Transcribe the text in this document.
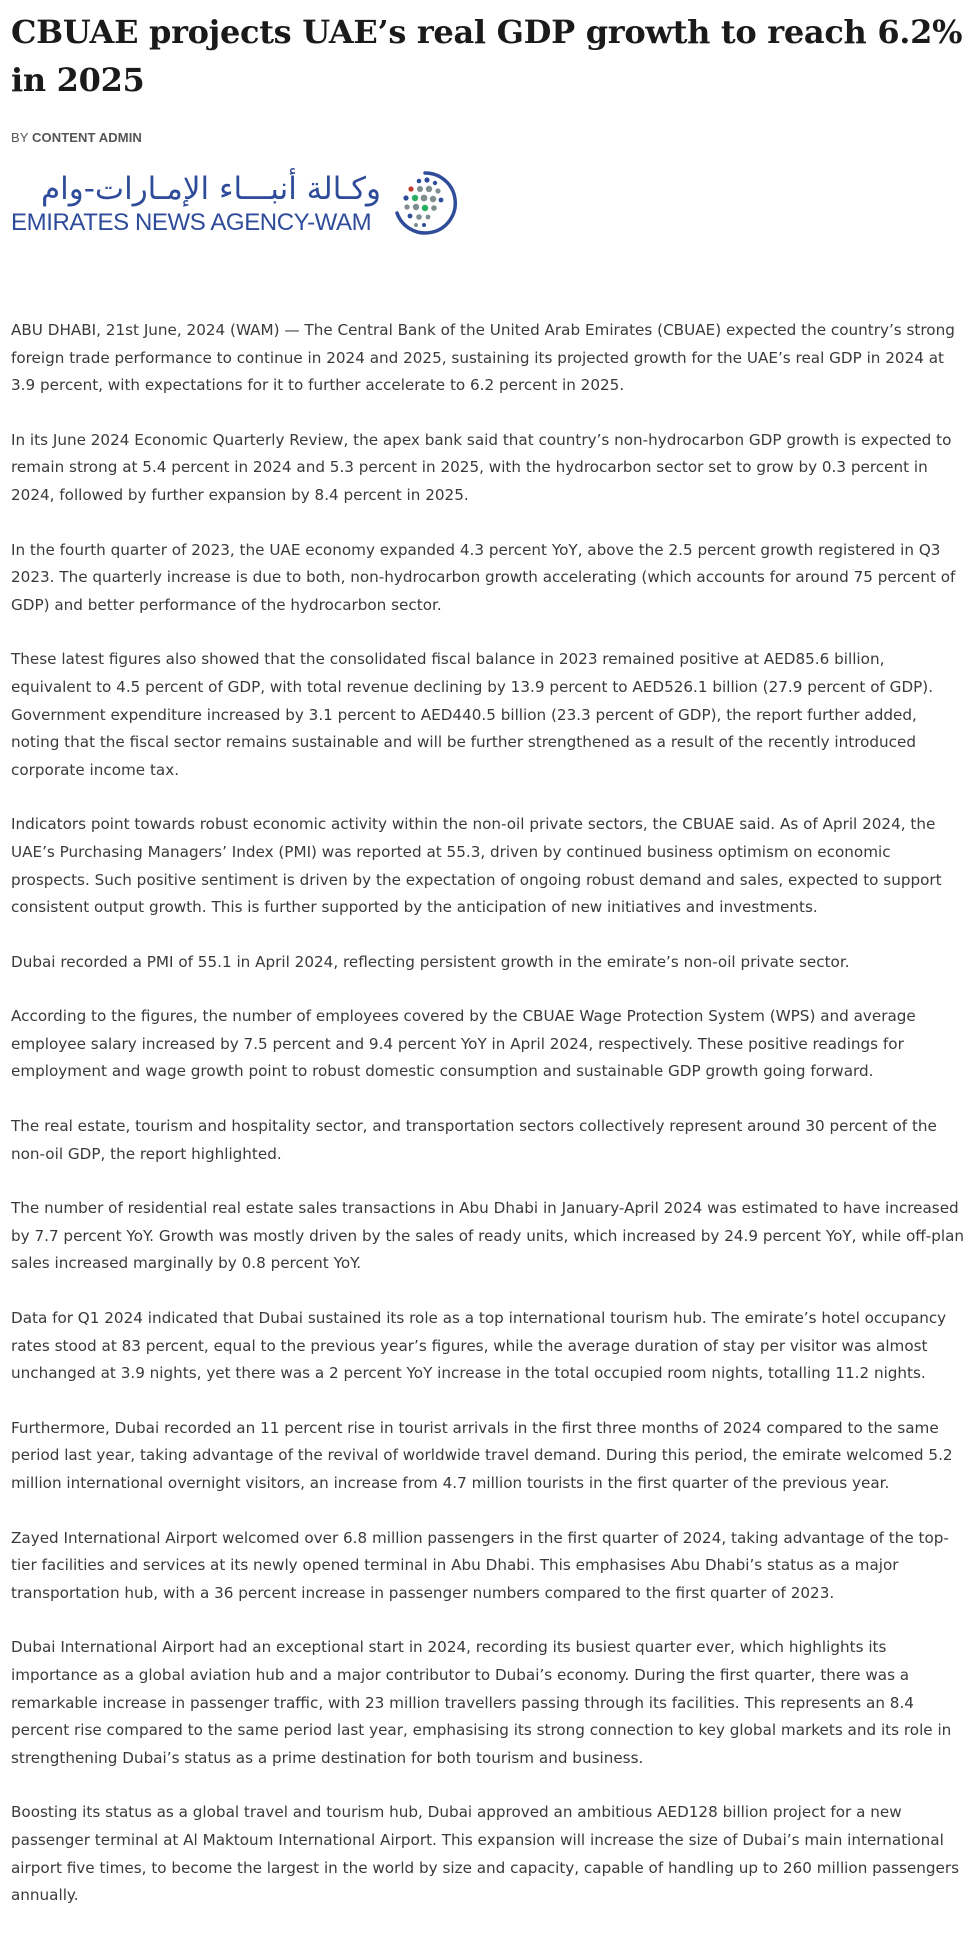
CBUAE projects UAE’s real GDP growth to reach 6.2% in 2025
BY CONTENT ADMIN
وكـالة أنبـــاء الإمـارات-وام
EMIRATES NEWS AGENCY-WAM

ABU DHABI, 21st June, 2024 (WAM) — The Central Bank of the United Arab Emirates (CBUAE) expected the country’s strong foreign trade performance to continue in 2024 and 2025, sustaining its projected growth for the UAE’s real GDP in 2024 at 3.9 percent, with expectations for it to further accelerate to 6.2 percent in 2025.

In its June 2024 Economic Quarterly Review, the apex bank said that country’s non-hydrocarbon GDP growth is expected to remain strong at 5.4 percent in 2024 and 5.3 percent in 2025, with the hydrocarbon sector set to grow by 0.3 percent in 2024, followed by further expansion by 8.4 percent in 2025.

In the fourth quarter of 2023, the UAE economy expanded 4.3 percent YoY, above the 2.5 percent growth registered in Q3 2023. The quarterly increase is due to both, non-hydrocarbon growth accelerating (which accounts for around 75 percent of GDP) and better performance of the hydrocarbon sector.

These latest figures also showed that the consolidated fiscal balance in 2023 remained positive at AED85.6 billion, equivalent to 4.5 percent of GDP, with total revenue declining by 13.9 percent to AED526.1 billion (27.9 percent of GDP). Government expenditure increased by 3.1 percent to AED440.5 billion (23.3 percent of GDP), the report further added, noting that the fiscal sector remains sustainable and will be further strengthened as a result of the recently introduced corporate income tax.

Indicators point towards robust economic activity within the non-oil private sectors, the CBUAE said. As of April 2024, the UAE’s Purchasing Managers’ Index (PMI) was reported at 55.3, driven by continued business optimism on economic prospects. Such positive sentiment is driven by the expectation of ongoing robust demand and sales, expected to support consistent output growth. This is further supported by the anticipation of new initiatives and investments.

Dubai recorded a PMI of 55.1 in April 2024, reflecting persistent growth in the emirate’s non-oil private sector.

According to the figures, the number of employees covered by the CBUAE Wage Protection System (WPS) and average employee salary increased by 7.5 percent and 9.4 percent YoY in April 2024, respectively. These positive readings for employment and wage growth point to robust domestic consumption and sustainable GDP growth going forward.

The real estate, tourism and hospitality sector, and transportation sectors collectively represent around 30 percent of the non-oil GDP, the report highlighted.

The number of residential real estate sales transactions in Abu Dhabi in January-April 2024 was estimated to have increased by 7.7 percent YoY. Growth was mostly driven by the sales of ready units, which increased by 24.9 percent YoY, while off-plan sales increased marginally by 0.8 percent YoY.

Data for Q1 2024 indicated that Dubai sustained its role as a top international tourism hub. The emirate’s hotel occupancy rates stood at 83 percent, equal to the previous year’s figures, while the average duration of stay per visitor was almost unchanged at 3.9 nights, yet there was a 2 percent YoY increase in the total occupied room nights, totalling 11.2 nights.

Furthermore, Dubai recorded an 11 percent rise in tourist arrivals in the first three months of 2024 compared to the same period last year, taking advantage of the revival of worldwide travel demand. During this period, the emirate welcomed 5.2 million international overnight visitors, an increase from 4.7 million tourists in the first quarter of the previous year.

Zayed International Airport welcomed over 6.8 million passengers in the first quarter of 2024, taking advantage of the top-tier facilities and services at its newly opened terminal in Abu Dhabi. This emphasises Abu Dhabi’s status as a major transportation hub, with a 36 percent increase in passenger numbers compared to the first quarter of 2023.

Dubai International Airport had an exceptional start in 2024, recording its busiest quarter ever, which highlights its importance as a global aviation hub and a major contributor to Dubai’s economy. During the first quarter, there was a remarkable increase in passenger traffic, with 23 million travellers passing through its facilities. This represents an 8.4 percent rise compared to the same period last year, emphasising its strong connection to key global markets and its role in strengthening Dubai’s status as a prime destination for both tourism and business.

Boosting its status as a global travel and tourism hub, Dubai approved an ambitious AED128 billion project for a new passenger terminal at Al Maktoum International Airport. This expansion will increase the size of Dubai’s main international airport five times, to become the largest in the world by size and capacity, capable of handling up to 260 million passengers annually.
